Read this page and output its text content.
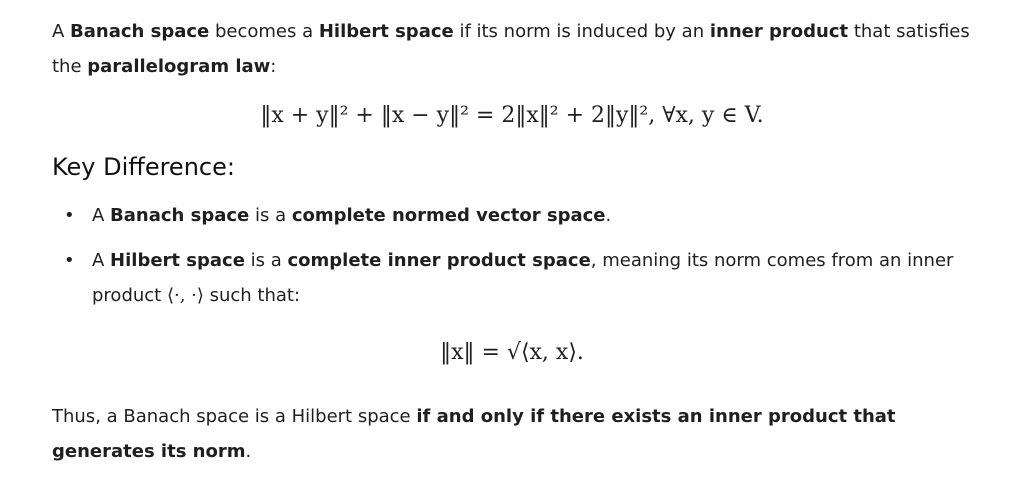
A Banach space becomes a Hilbert space if its norm is induced by an inner product that satisfies the parallelogram law:

‖x + y‖² + ‖x − y‖² = 2‖x‖² + 2‖y‖², ∀x, y ∈ V.
Key Difference:
• A Banach space is a complete normed vector space.
• A Hilbert space is a complete inner product space, meaning its norm comes from an inner product ⟨·, ·⟩ such that:
‖x‖ = √⟨x, x⟩.

Thus, a Banach space is a Hilbert space if and only if there exists an inner product that generates its norm.
